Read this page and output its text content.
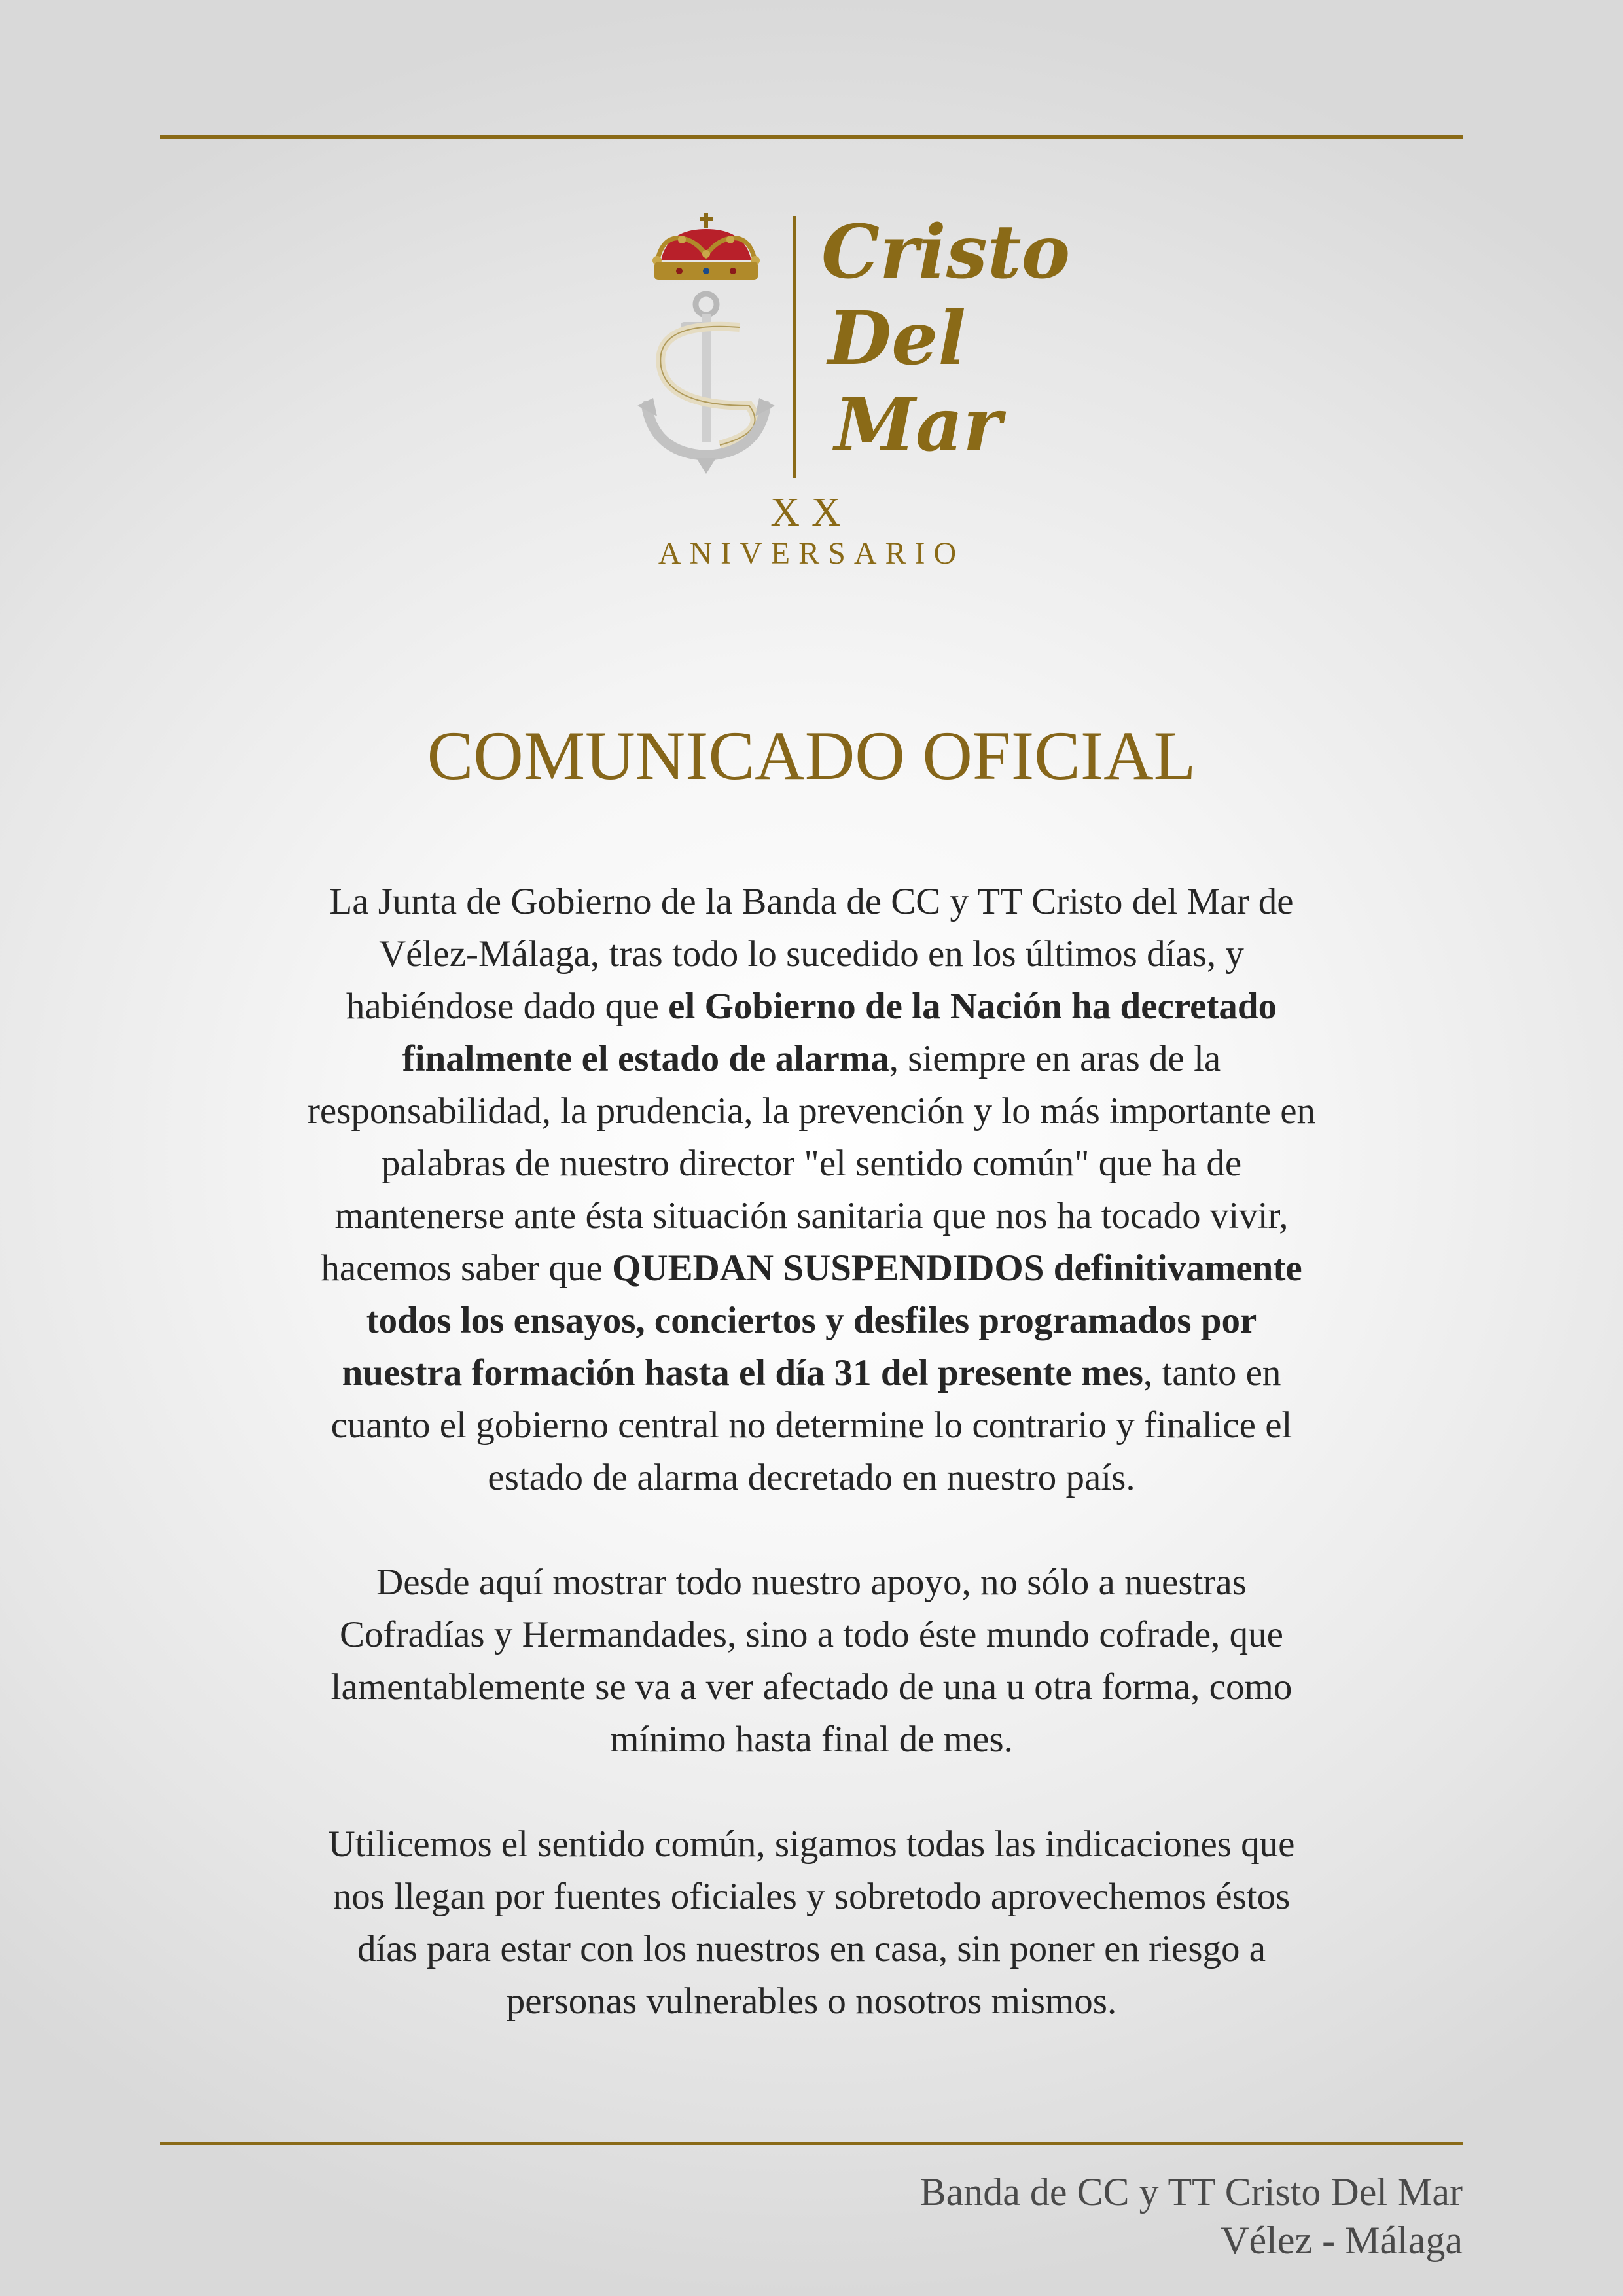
Cristo
Del
Mar
XX
ANIVERSARIO
COMUNICADO OFICIAL
La Junta de Gobierno de la Banda de CC y TT Cristo del Mar de
Vélez-Málaga, tras todo lo sucedido en los últimos días, y
habiéndose dado que el Gobierno de la Nación ha decretado
finalmente el estado de alarma, siempre en aras de la
responsabilidad, la prudencia, la prevención y lo más importante en
palabras de nuestro director "el sentido común" que ha de
mantenerse ante ésta situación sanitaria que nos ha tocado vivir,
hacemos saber que QUEDAN SUSPENDIDOS definitivamente
todos los ensayos, conciertos y desfiles programados por
nuestra formación hasta el día 31 del presente mes, tanto en
cuanto el gobierno central no determine lo contrario y finalice el
estado de alarma decretado en nuestro país.
Desde aquí mostrar todo nuestro apoyo, no sólo a nuestras
Cofradías y Hermandades, sino a todo éste mundo cofrade, que
lamentablemente se va a ver afectado de una u otra forma, como
mínimo hasta final de mes.
Utilicemos el sentido común, sigamos todas las indicaciones que
nos llegan por fuentes oficiales y sobretodo aprovechemos éstos
días para estar con los nuestros en casa, sin poner en riesgo a
personas vulnerables o nosotros mismos.
Banda de CC y TT Cristo Del Mar
Vélez - Málaga
